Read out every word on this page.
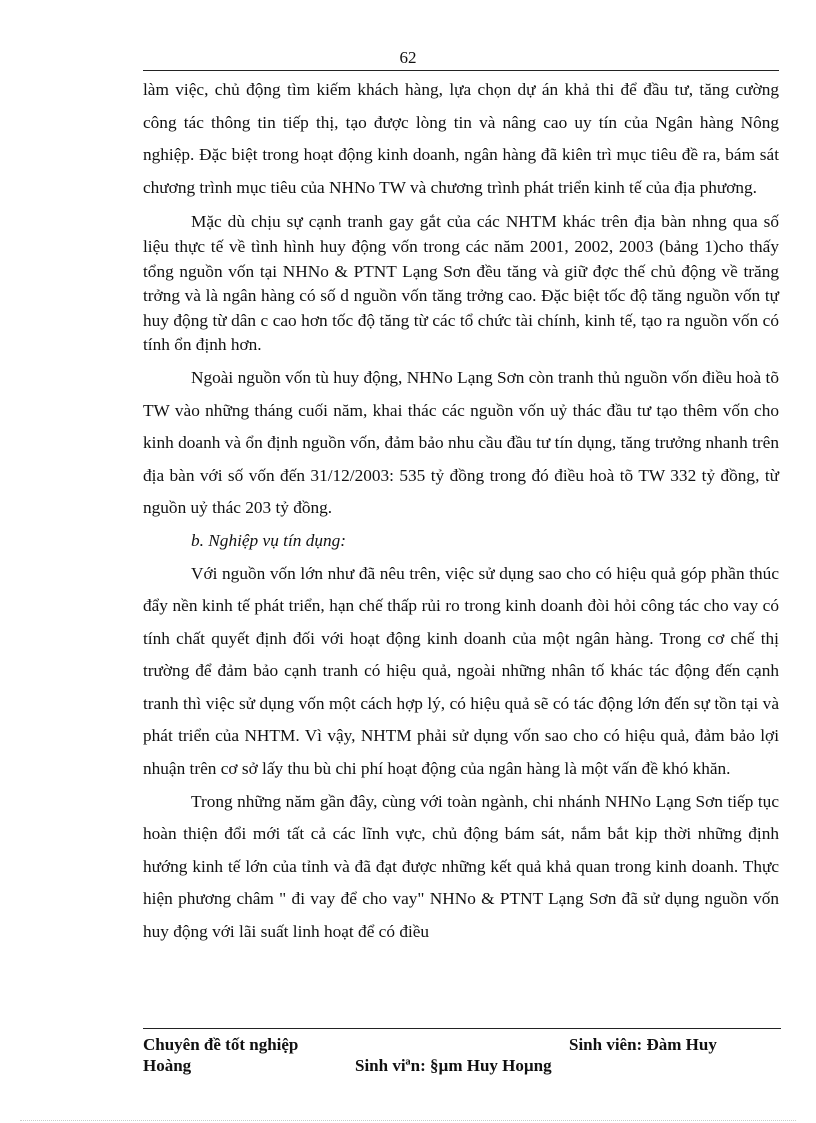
62

làm việc, chủ động tìm kiếm khách hàng, lựa chọn dự án khả thi để đầu tư, tăng cường công tác thông tin tiếp thị, tạo được lòng tin và nâng cao uy tín của Ngân hàng Nông nghiệp. Đặc biệt trong hoạt động kinh doanh, ngân hàng đã kiên trì mục tiêu đề ra, bám sát chương trình mục tiêu của NHNo TW và chương trình phát triển kinh tế của địa phương.

Mặc dù chịu sự cạnh tranh gay gắt của các NHTM khác trên địa bàn nhng qua số liệu thực tế về tình hình huy động vốn trong các năm 2001, 2002, 2003 (bảng 1)cho thấy tổng nguồn vốn tại NHNo & PTNT Lạng Sơn đều tăng và giữ đợc thế chủ động về trăng trởng và là ngân hàng có số d nguồn vốn tăng trởng cao. Đặc biệt tốc độ tăng nguồn vốn tự huy động từ dân c cao hơn tốc độ tăng từ các tổ chức tài chính, kinh tế, tạo ra nguồn vốn có tính ổn định hơn.

Ngoài nguồn vốn tù huy động, NHNo Lạng Sơn còn tranh thủ nguồn vốn điều hoà tõ TW vào những tháng cuối năm, khai thác các nguồn vốn uỷ thác đầu tư tạo thêm vốn cho kinh doanh và ổn định nguồn vốn, đảm bảo nhu cầu đầu tư tín dụng, tăng trưởng nhanh trên địa bàn với số vốn đến 31/12/2003: 535 tỷ đồng trong đó điều hoà tõ TW 332 tỷ đồng, từ nguồn uỷ thác 203 tỷ đồng.

b. Nghiệp vụ tín dụng:

Với nguồn vốn lớn như đã nêu trên, việc sử dụng sao cho có hiệu quả góp phần thúc đẩy nền kinh tế phát triển, hạn chế thấp rủi ro trong kinh doanh đòi hỏi công tác cho vay có tính chất quyết định đối với hoạt động kinh doanh của một ngân hàng. Trong cơ chế thị trường để đảm bảo cạnh tranh có hiệu quả, ngoài những nhân tố khác tác động đến cạnh tranh thì việc sử dụng vốn một cách hợp lý, có hiệu quả sẽ có tác động lớn đến sự tồn tại và phát triển của NHTM. Vì vậy, NHTM phải sử dụng vốn sao cho có hiệu quả, đảm bảo lợi nhuận trên cơ sở lấy thu bù chi phí hoạt động của ngân hàng là một vấn đề khó khăn.

Trong những năm gần đây, cùng với toàn ngành, chi nhánh NHNo Lạng Sơn tiếp tục hoàn thiện đổi mới tất cả các lĩnh vực, chủ động bám sát, nắm bắt kịp thời những định hướng kinh tế lớn của tỉnh và đã đạt được những kết quả khả quan trong kinh doanh. Thực hiện phương châm " đi vay để cho vay" NHNo & PTNT Lạng Sơn đã sử dụng nguồn vốn huy động với lãi suất linh hoạt để có điều

Chuyên đề tốt nghiệp	Sinh viên: Đàm Huy
Hoàng	Sinh viªn: §µm Huy Hoµng
